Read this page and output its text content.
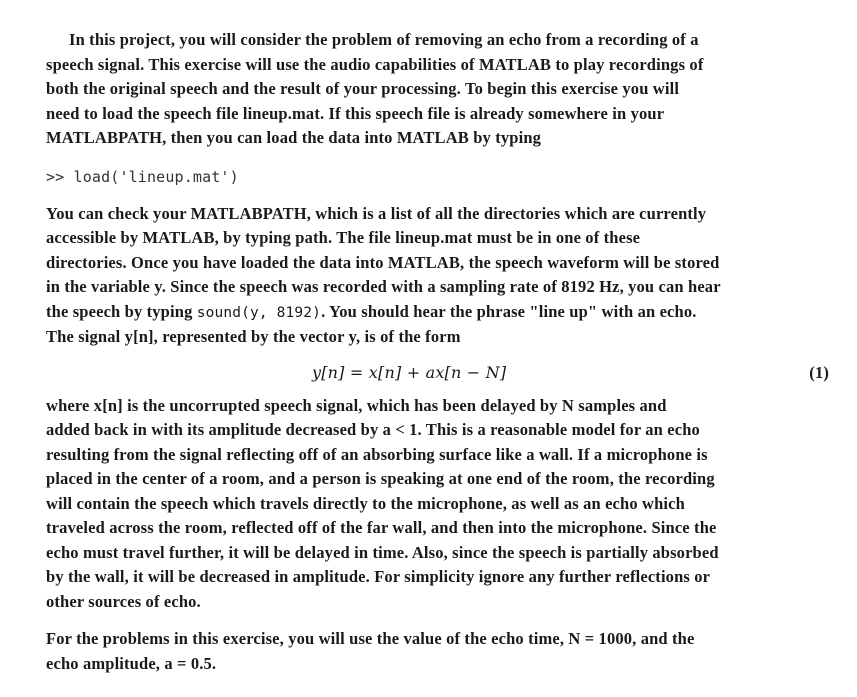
In this project, you will consider the problem of removing an echo from a recording of a
speech signal. This exercise will use the audio capabilities of MATLAB to play recordings of
both the original speech and the result of your processing. To begin this exercise you will
need to load the speech file lineup.mat. If this speech file is already somewhere in your
MATLABPATH, then you can load the data into MATLAB by typing

>> load('lineup.mat')

You can check your MATLABPATH, which is a list of all the directories which are currently
accessible by MATLAB, by typing path. The file lineup.mat must be in one of these
directories. Once you have loaded the data into MATLAB, the speech waveform will be stored
in the variable y. Since the speech was recorded with a sampling rate of 8192 Hz, you can hear
the speech by typing sound(y, 8192). You should hear the phrase "line up" with an echo.
The signal y[n], represented by the vector y, is of the form

y[n] = x[n] + ax[n − N]	(1)

where x[n] is the uncorrupted speech signal, which has been delayed by N samples and
added back in with its amplitude decreased by a < 1. This is a reasonable model for an echo
resulting from the signal reflecting off of an absorbing surface like a wall. If a microphone is
placed in the center of a room, and a person is speaking at one end of the room, the recording
will contain the speech which travels directly to the microphone, as well as an echo which
traveled across the room, reflected off of the far wall, and then into the microphone. Since the
echo must travel further, it will be delayed in time. Also, since the speech is partially absorbed
by the wall, it will be decreased in amplitude. For simplicity ignore any further reflections or
other sources of echo.

For the problems in this exercise, you will use the value of the echo time, N = 1000, and the
echo amplitude, a = 0.5.
